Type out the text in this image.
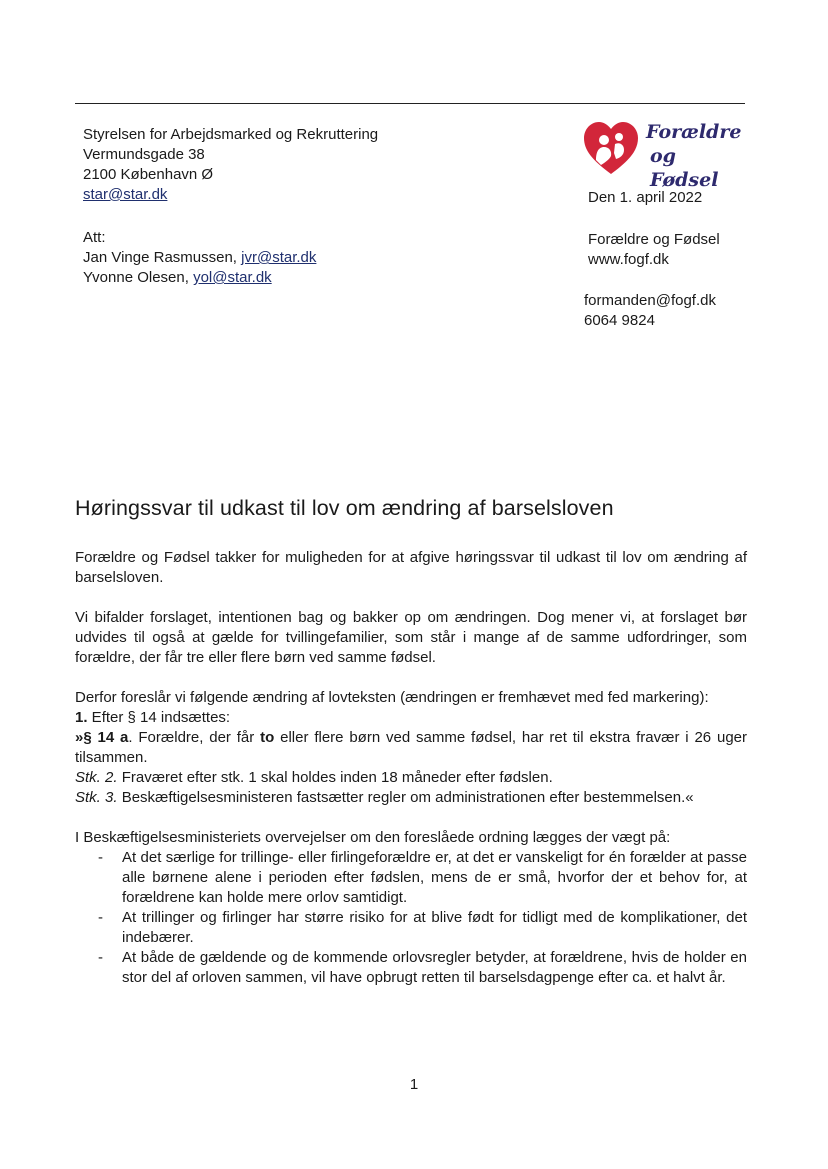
Styrelsen for Arbejdsmarked og Rekruttering
Vermundsgade 38
2100 København Ø
star@star.dk
Att:
Jan Vinge Rasmussen, jvr@star.dk
Yvonne Olesen, yol@star.dk
Forældre
og Fødsel
Den 1. april 2022
Forældre og Fødsel
www.fogf.dk
formanden@fogf.dk
6064 9824
Høringssvar til udkast til lov om ændring af barselsloven

Forældre og Fødsel takker for muligheden for at afgive høringssvar til udkast til lov om ændring af barselsloven.

Vi bifalder forslaget, intentionen bag og bakker op om ændringen. Dog mener vi, at forslaget bør udvides til også at gælde for tvillingefamilier, som står i mange af de samme udfordringer, som forældre, der får tre eller flere børn ved samme fødsel.

Derfor foreslår vi følgende ændring af lovteksten (ændringen er fremhævet med fed markering):

1. Efter § 14 indsættes:

»§ 14 a. Forældre, der får to eller flere børn ved samme fødsel, har ret til ekstra fravær i 26 uger tilsammen.

Stk. 2. Fraværet efter stk. 1 skal holdes inden 18 måneder efter fødslen.

Stk. 3. Beskæftigelsesministeren fastsætter regler om administrationen efter bestemmelsen.«

I Beskæftigelsesministeriets overvejelser om den foreslåede ordning lægges der vægt på:

- At det særlige for trillinge- eller firlingeforældre er, at det er vanskeligt for én forælder at passe alle børnene alene i perioden efter fødslen, mens de er små, hvorfor der et behov for, at forældrene kan holde mere orlov samtidigt.
- At trillinger og firlinger har større risiko for at blive født for tidligt med de komplikationer, det indebærer.
- At både de gældende og de kommende orlovsregler betyder, at forældrene, hvis de holder en stor del af orloven sammen, vil have opbrugt retten til barselsdagpenge efter ca. et halvt år.
1
